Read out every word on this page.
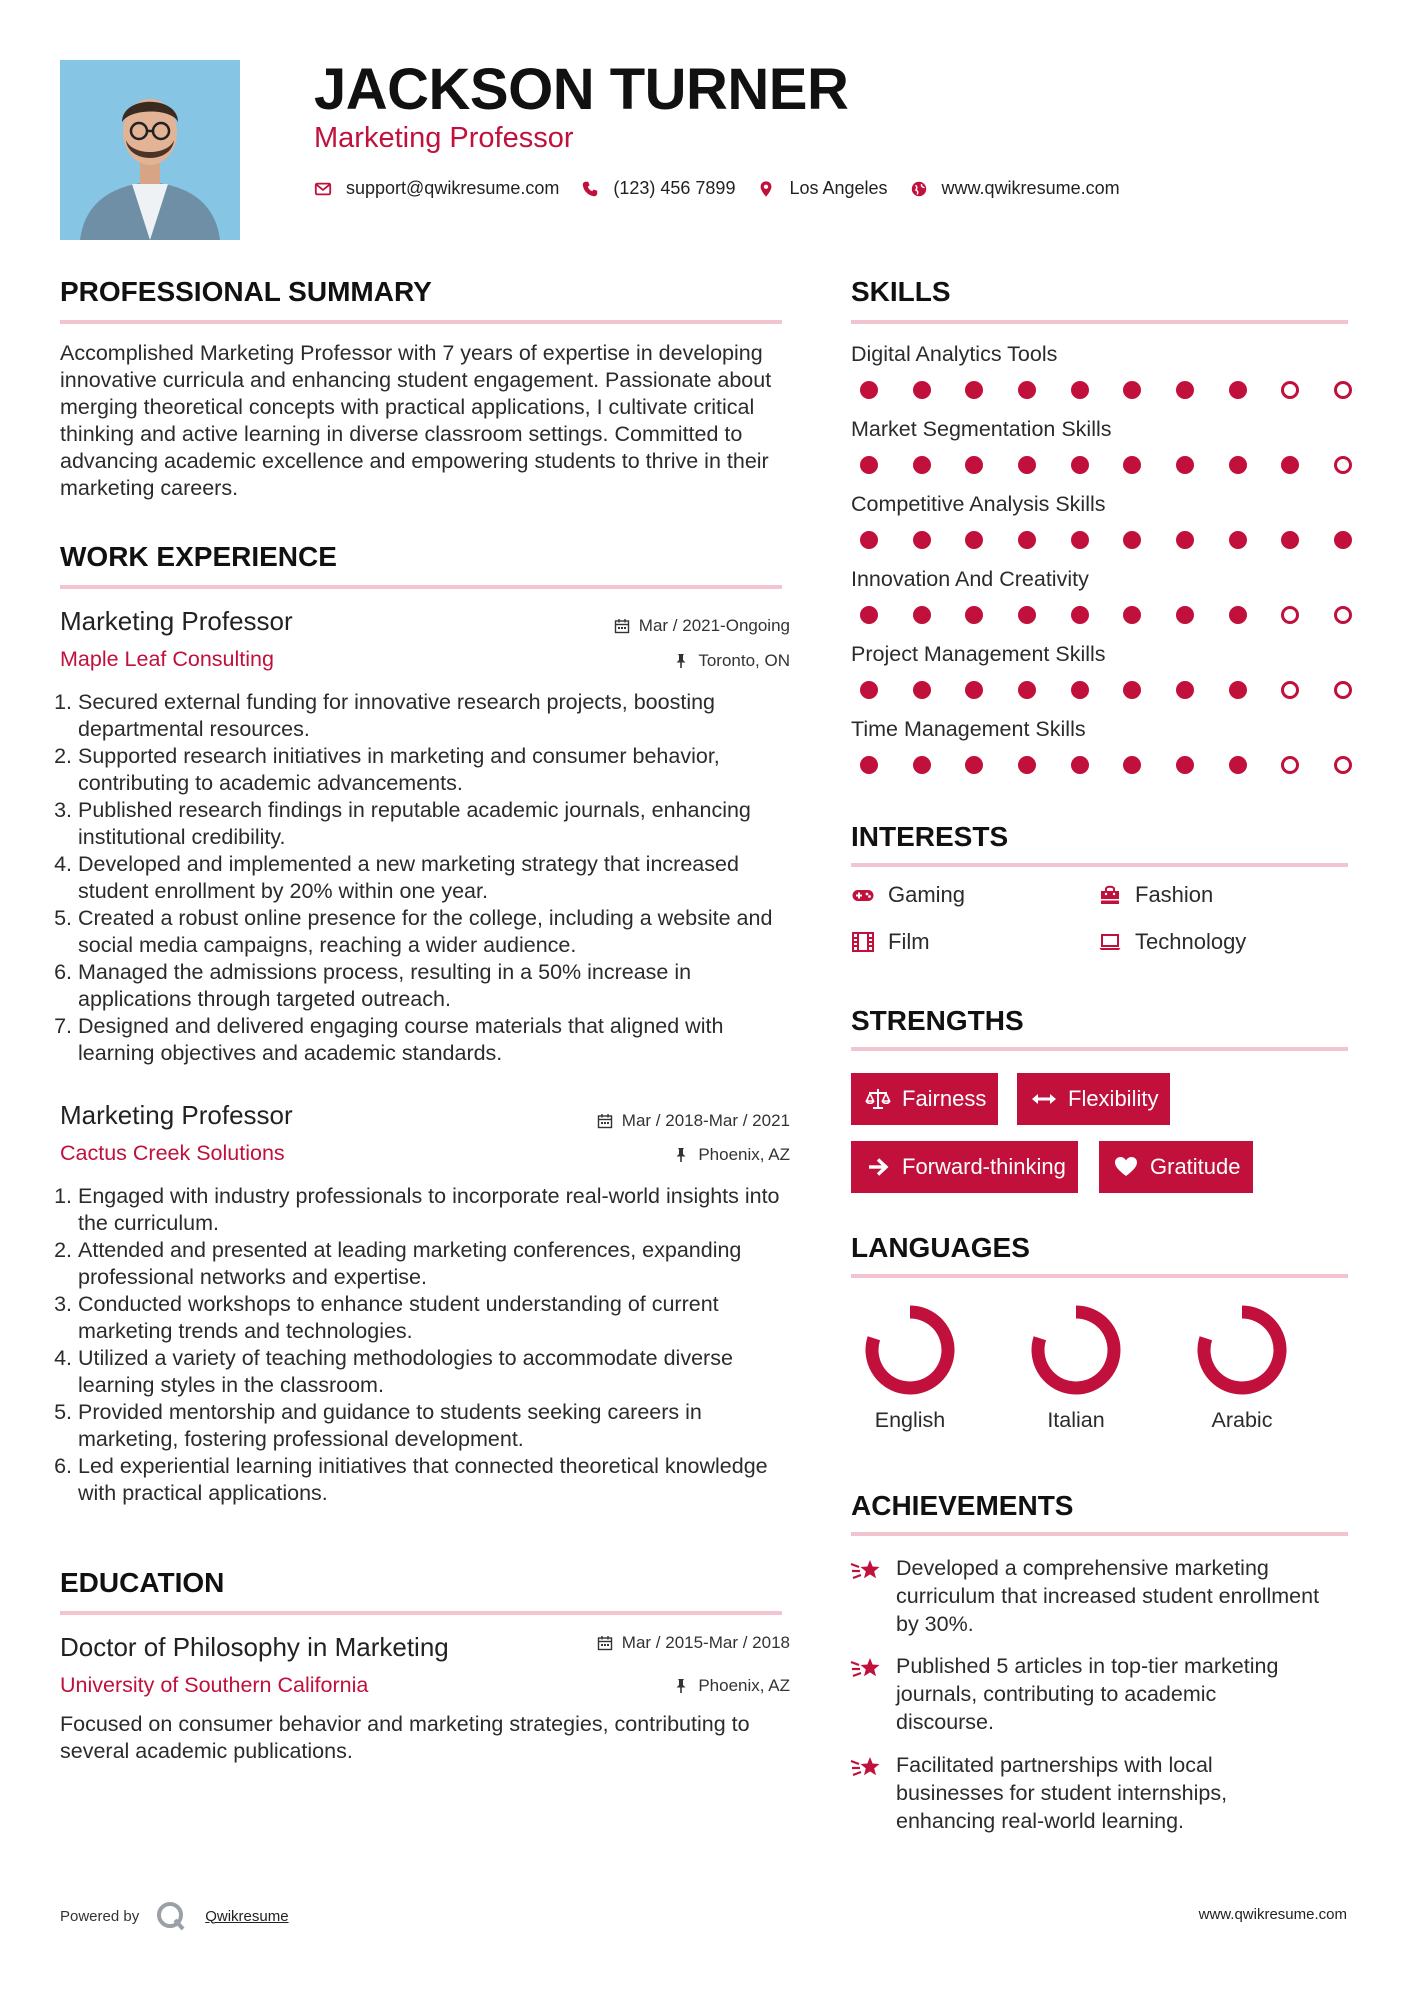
JACKSON TURNER
Marketing Professor
support@qwikresume.com	(123) 456 7899	Los Angeles	www.qwikresume.com
PROFESSIONAL SUMMARY
Accomplished Marketing Professor with 7 years of expertise in developing innovative curricula and enhancing student engagement. Passionate about merging theoretical concepts with practical applications, I cultivate critical thinking and active learning in diverse classroom settings. Committed to advancing academic excellence and empowering students to thrive in their marketing careers.
WORK EXPERIENCE
Marketing Professor
Maple Leaf Consulting
Mar / 2021-Ongoing
Toronto, ON
1. Secured external funding for innovative research projects, boosting departmental resources.
2. Supported research initiatives in marketing and consumer behavior, contributing to academic advancements.
3. Published research findings in reputable academic journals, enhancing institutional credibility.
4. Developed and implemented a new marketing strategy that increased student enrollment by 20% within one year.
5. Created a robust online presence for the college, including a website and social media campaigns, reaching a wider audience.
6. Managed the admissions process, resulting in a 50% increase in applications through targeted outreach.
7. Designed and delivered engaging course materials that aligned with learning objectives and academic standards.
Marketing Professor
Cactus Creek Solutions
Mar / 2018-Mar / 2021
Phoenix, AZ
1. Engaged with industry professionals to incorporate real-world insights into the curriculum.
2. Attended and presented at leading marketing conferences, expanding professional networks and expertise.
3. Conducted workshops to enhance student understanding of current marketing trends and technologies.
4. Utilized a variety of teaching methodologies to accommodate diverse learning styles in the classroom.
5. Provided mentorship and guidance to students seeking careers in marketing, fostering professional development.
6. Led experiential learning initiatives that connected theoretical knowledge with practical applications.
EDUCATION
Doctor of Philosophy in Marketing
University of Southern California
Mar / 2015-Mar / 2018
Phoenix, AZ
Focused on consumer behavior and marketing strategies, contributing to several academic publications.
SKILLS
Digital Analytics Tools
Market Segmentation Skills
Competitive Analysis Skills
Innovation And Creativity
Project Management Skills
Time Management Skills
INTERESTS
Gaming	Fashion
Film	Technology
STRENGTHS
Fairness	Flexibility
Forward-thinking	Gratitude
LANGUAGES
English	Italian	Arabic
ACHIEVEMENTS
Developed a comprehensive marketing curriculum that increased student enrollment by 30%.
Published 5 articles in top-tier marketing journals, contributing to academic discourse.
Facilitated partnerships with local businesses for student internships, enhancing real-world learning.
Powered by	Qwikresume	www.qwikresume.com
